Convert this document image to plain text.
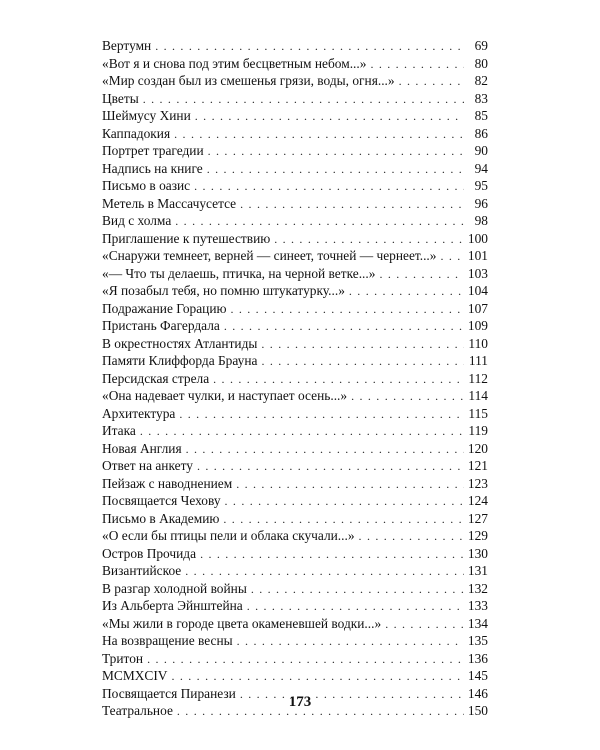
Вертумн . . .	69
«Вот я и снова под этим бесцветным небом...» . . .	80
«Мир создан был из смешенья грязи, воды, огня...» . . .	82
Цветы . . .	83
Шеймусу Хини . . .	85
Каппадокия . . .	86
Портрет трагедии . . .	90
Надпись на книге . . .	94
Письмо в оазис . . .	95
Метель в Массачусетсе . . .	96
Вид с холма . . .	98
Приглашение к путешествию . . .	100
«Снаружи темнеет, верней — синеет, точней — чернеет...» . . . 101
«— Что ты делаешь, птичка, на черной ветке...» . . .	103
«Я позабыл тебя, но помню штукатурку...» . . .	104
Подражание Горацию . . .	107
Пристань Фагердала . . .	109
В окрестностях Атлантиды . . .	110
Памяти Клиффорда Брауна . . .	111
Персидская стрела . . .	112
«Она надевает чулки, и наступает осень...» . . .	114
Архитектура . . .	115
Итака . . .	119
Новая Англия . . .	120
Ответ на анкету . . .	121
Пейзаж с наводнением . . .	123
Посвящается Чехову . . .	124
Письмо в Академию . . .	127
«О если бы птицы пели и облака скучали...» . . .	129
Остров Прочида . . .	130
Византийское . . .	131
В разгар холодной войны . . .	132
Из Альберта Эйнштейна . . .	133
«Мы жили в городе цвета окаменевшей водки...» . . .	134
На возвращение весны . . .	135
Тритон . . .	136
MCMXCIV . . .	145
Посвящается Пиранези . . .	146
Театральное . . .	150
173
